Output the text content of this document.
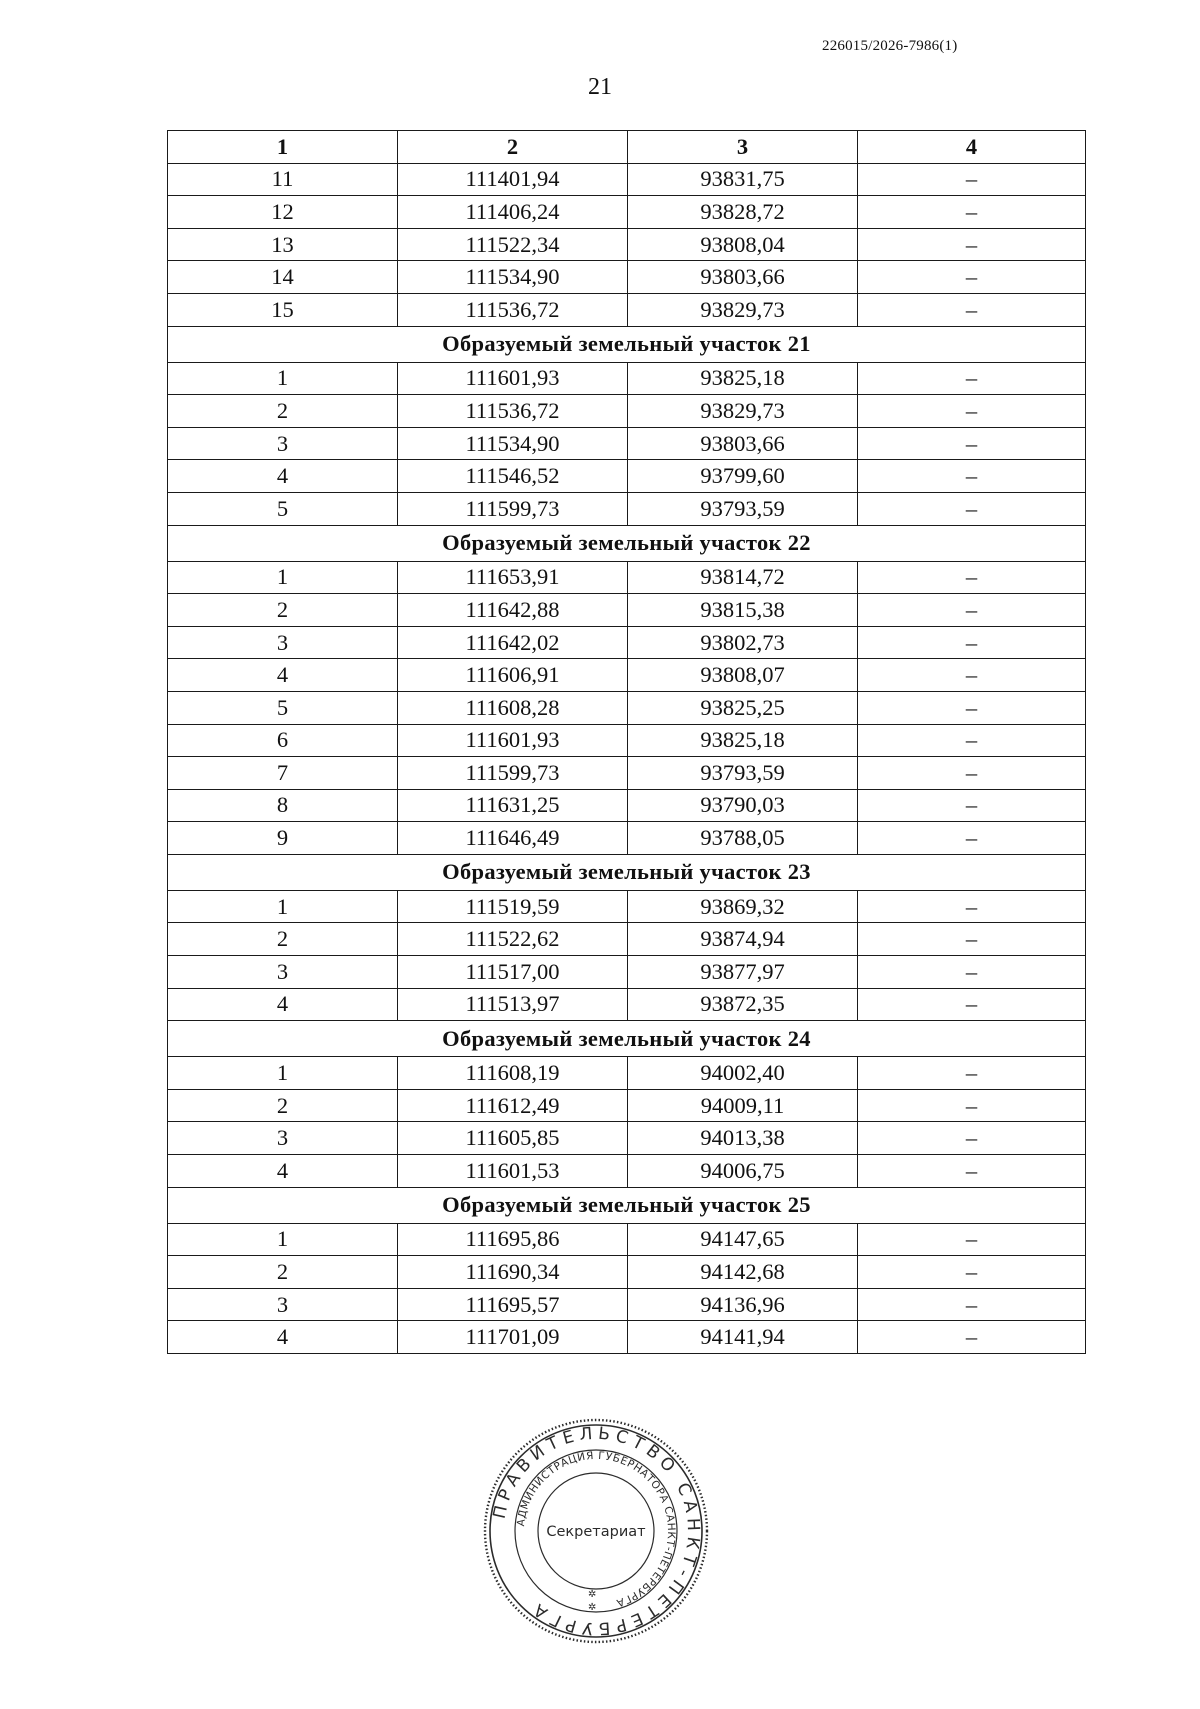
226015/2026-7986(1)
21
1	2	3	4
11	111401,94	93831,75	–
12	111406,24	93828,72	–
13	111522,34	93808,04	–
14	111534,90	93803,66	–
15	111536,72	93829,73	–
Образуемый земельный участок 21			
1	111601,93	93825,18	–
2	111536,72	93829,73	–
3	111534,90	93803,66	–
4	111546,52	93799,60	–
5	111599,73	93793,59	–
Образуемый земельный участок 22			
1	111653,91	93814,72	–
2	111642,88	93815,38	–
3	111642,02	93802,73	–
4	111606,91	93808,07	–
5	111608,28	93825,25	–
6	111601,93	93825,18	–
7	111599,73	93793,59	–
8	111631,25	93790,03	–
9	111646,49	93788,05	–
Образуемый земельный участок 23			
1	111519,59	93869,32	–
2	111522,62	93874,94	–
3	111517,00	93877,97	–
4	111513,97	93872,35	–
Образуемый земельный участок 24			
1	111608,19	94002,40	–
2	111612,49	94009,11	–
3	111605,85	94013,38	–
4	111601,53	94006,75	–
Образуемый земельный участок 25			
1	111695,86	94147,65	–
2	111690,34	94142,68	–
3	111695,57	94136,96	–
4	111701,09	94141,94	–
ПРАВИТЕЛЬСТВО САНКТ-ПЕТЕРБУРГА
АДМИНИСТРАЦИЯ ГУБЕРНАТОРА САНКТ-ПЕТЕРБУРГА
Секретариат
✲
✲
